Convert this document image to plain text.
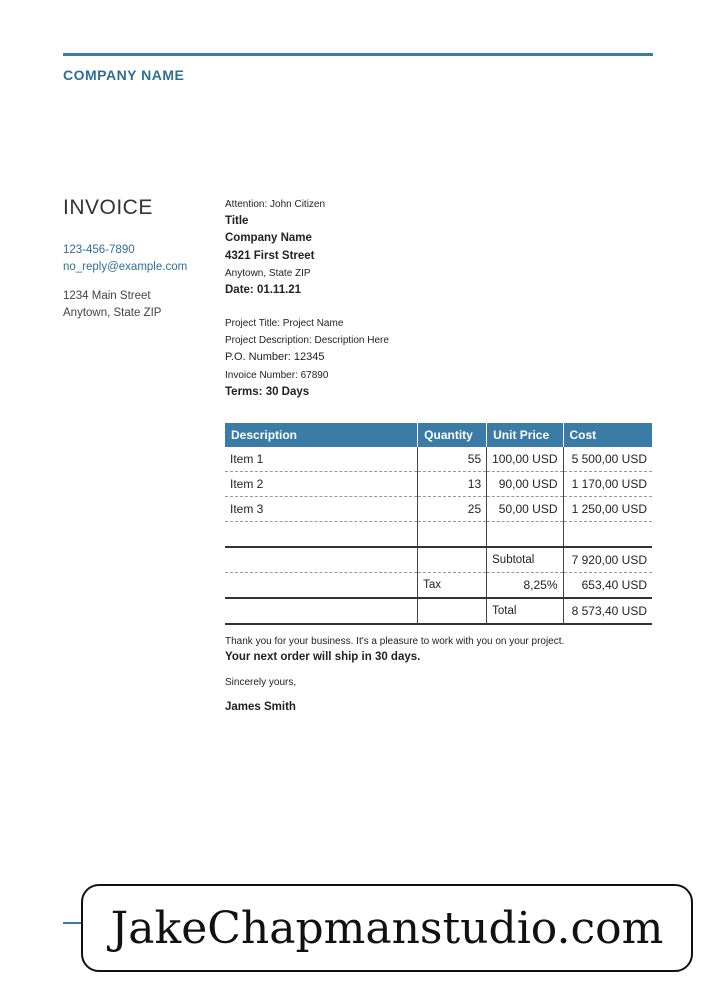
COMPANY NAME
INVOICE
123-456-7890
no_reply@example.com
1234 Main Street
Anytown, State ZIP
Attention: John Citizen
Title
Company Name
4321 First Street
Anytown, State ZIP
Date: 01.11.21
Project Title: Project Name
Project Description: Description Here
P.O. Number: 12345
Invoice Number: 67890
Terms: 30 Days
Description	Quantity	Unit Price	Cost
Item 1	55	100,00 USD	5 500,00 USD
Item 2	13	90,00 USD	1 170,00 USD
Item 3	25	50,00 USD	1 250,00 USD

		Subtotal	7 920,00 USD
	Tax	8,25%	653,40 USD
		Total	8 573,40 USD
Thank you for your business. It's a pleasure to work with you on your project.
Your next order will ship in 30 days.
Sincerely yours,
James Smith
JakeChapmanstudio.com
